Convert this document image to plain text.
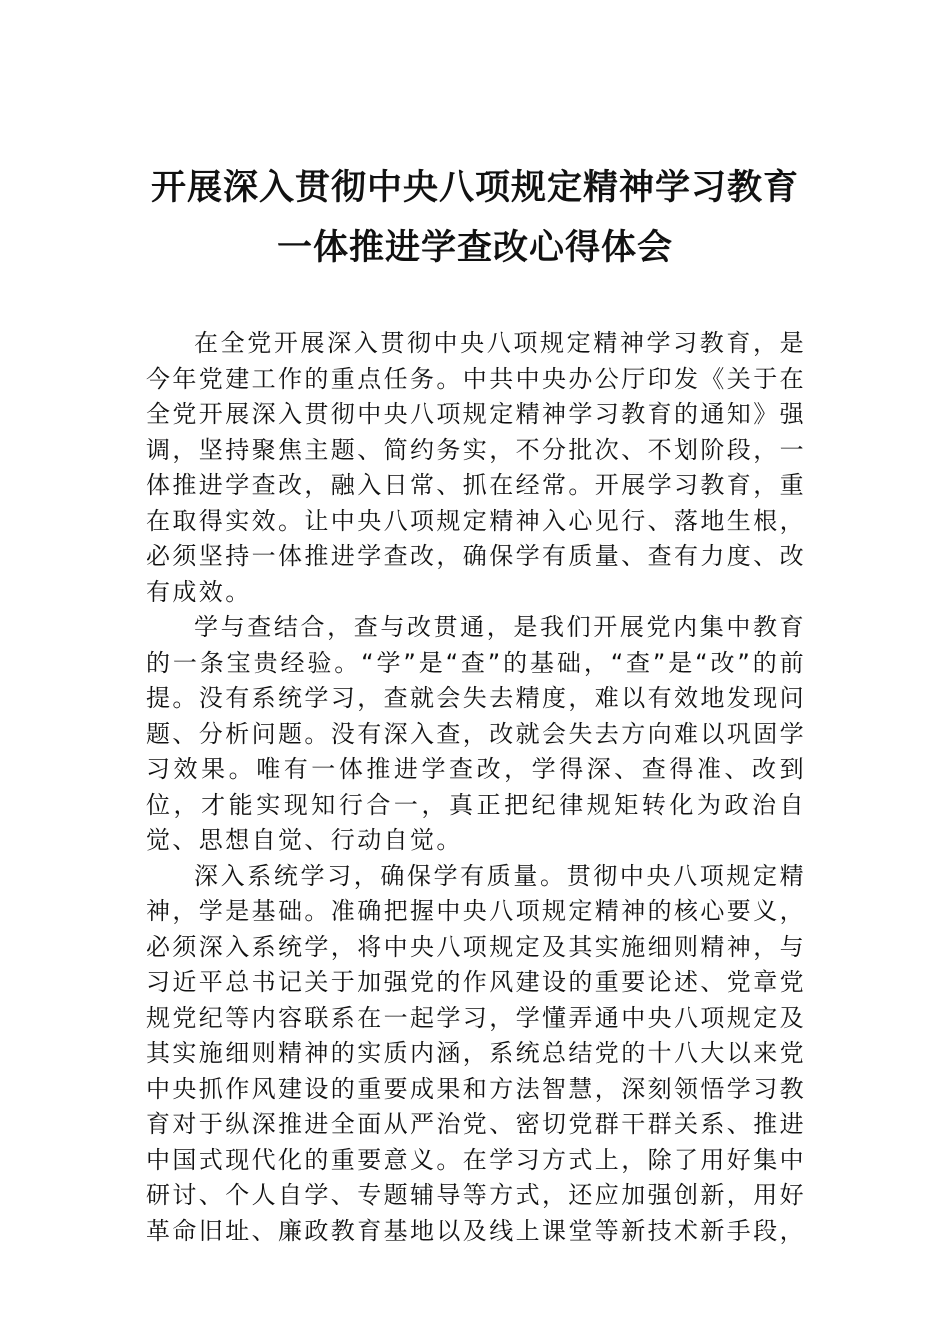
开展深入贯彻中央八项规定精神学习教育
一体推进学查改心得体会

在全党开展深入贯彻中央八项规定精神学习教育，是今年党建工作的重点任务。中共中央办公厅印发《关于在全党开展深入贯彻中央八项规定精神学习教育的通知》强调，坚持聚焦主题、简约务实，不分批次、不划阶段，一体推进学查改，融入日常、抓在经常。开展学习教育，重在取得实效。让中央八项规定精神入心见行、落地生根，必须坚持一体推进学查改，确保学有质量、查有力度、改有成效。

学与查结合，查与改贯通，是我们开展党内集中教育的一条宝贵经验。“学”是“查”的基础，“查”是“改”的前提。没有系统学习，查就会失去精度，难以有效地发现问题、分析问题。没有深入查，改就会失去方向难以巩固学习效果。唯有一体推进学查改，学得深、查得准、改到位，才能实现知行合一，真正把纪律规矩转化为政治自觉、思想自觉、行动自觉。

深入系统学习，确保学有质量。贯彻中央八项规定精神，学是基础。准确把握中央八项规定精神的核心要义，必须深入系统学，将中央八项规定及其实施细则精神，与习近平总书记关于加强党的作风建设的重要论述、党章党规党纪等内容联系在一起学习，学懂弄通中央八项规定及其实施细则精神的实质内涵，系统总结党的十八大以来党中央抓作风建设的重要成果和方法智慧，深刻领悟学习教育对于纵深推进全面从严治党、密切党群干群关系、推进中国式现代化的重要意义。在学习方式上，除了用好集中研讨、个人自学、专题辅导等方式，还应加强创新，用好革命旧址、廉政教育基地以及线上课堂等新技术新手段，
